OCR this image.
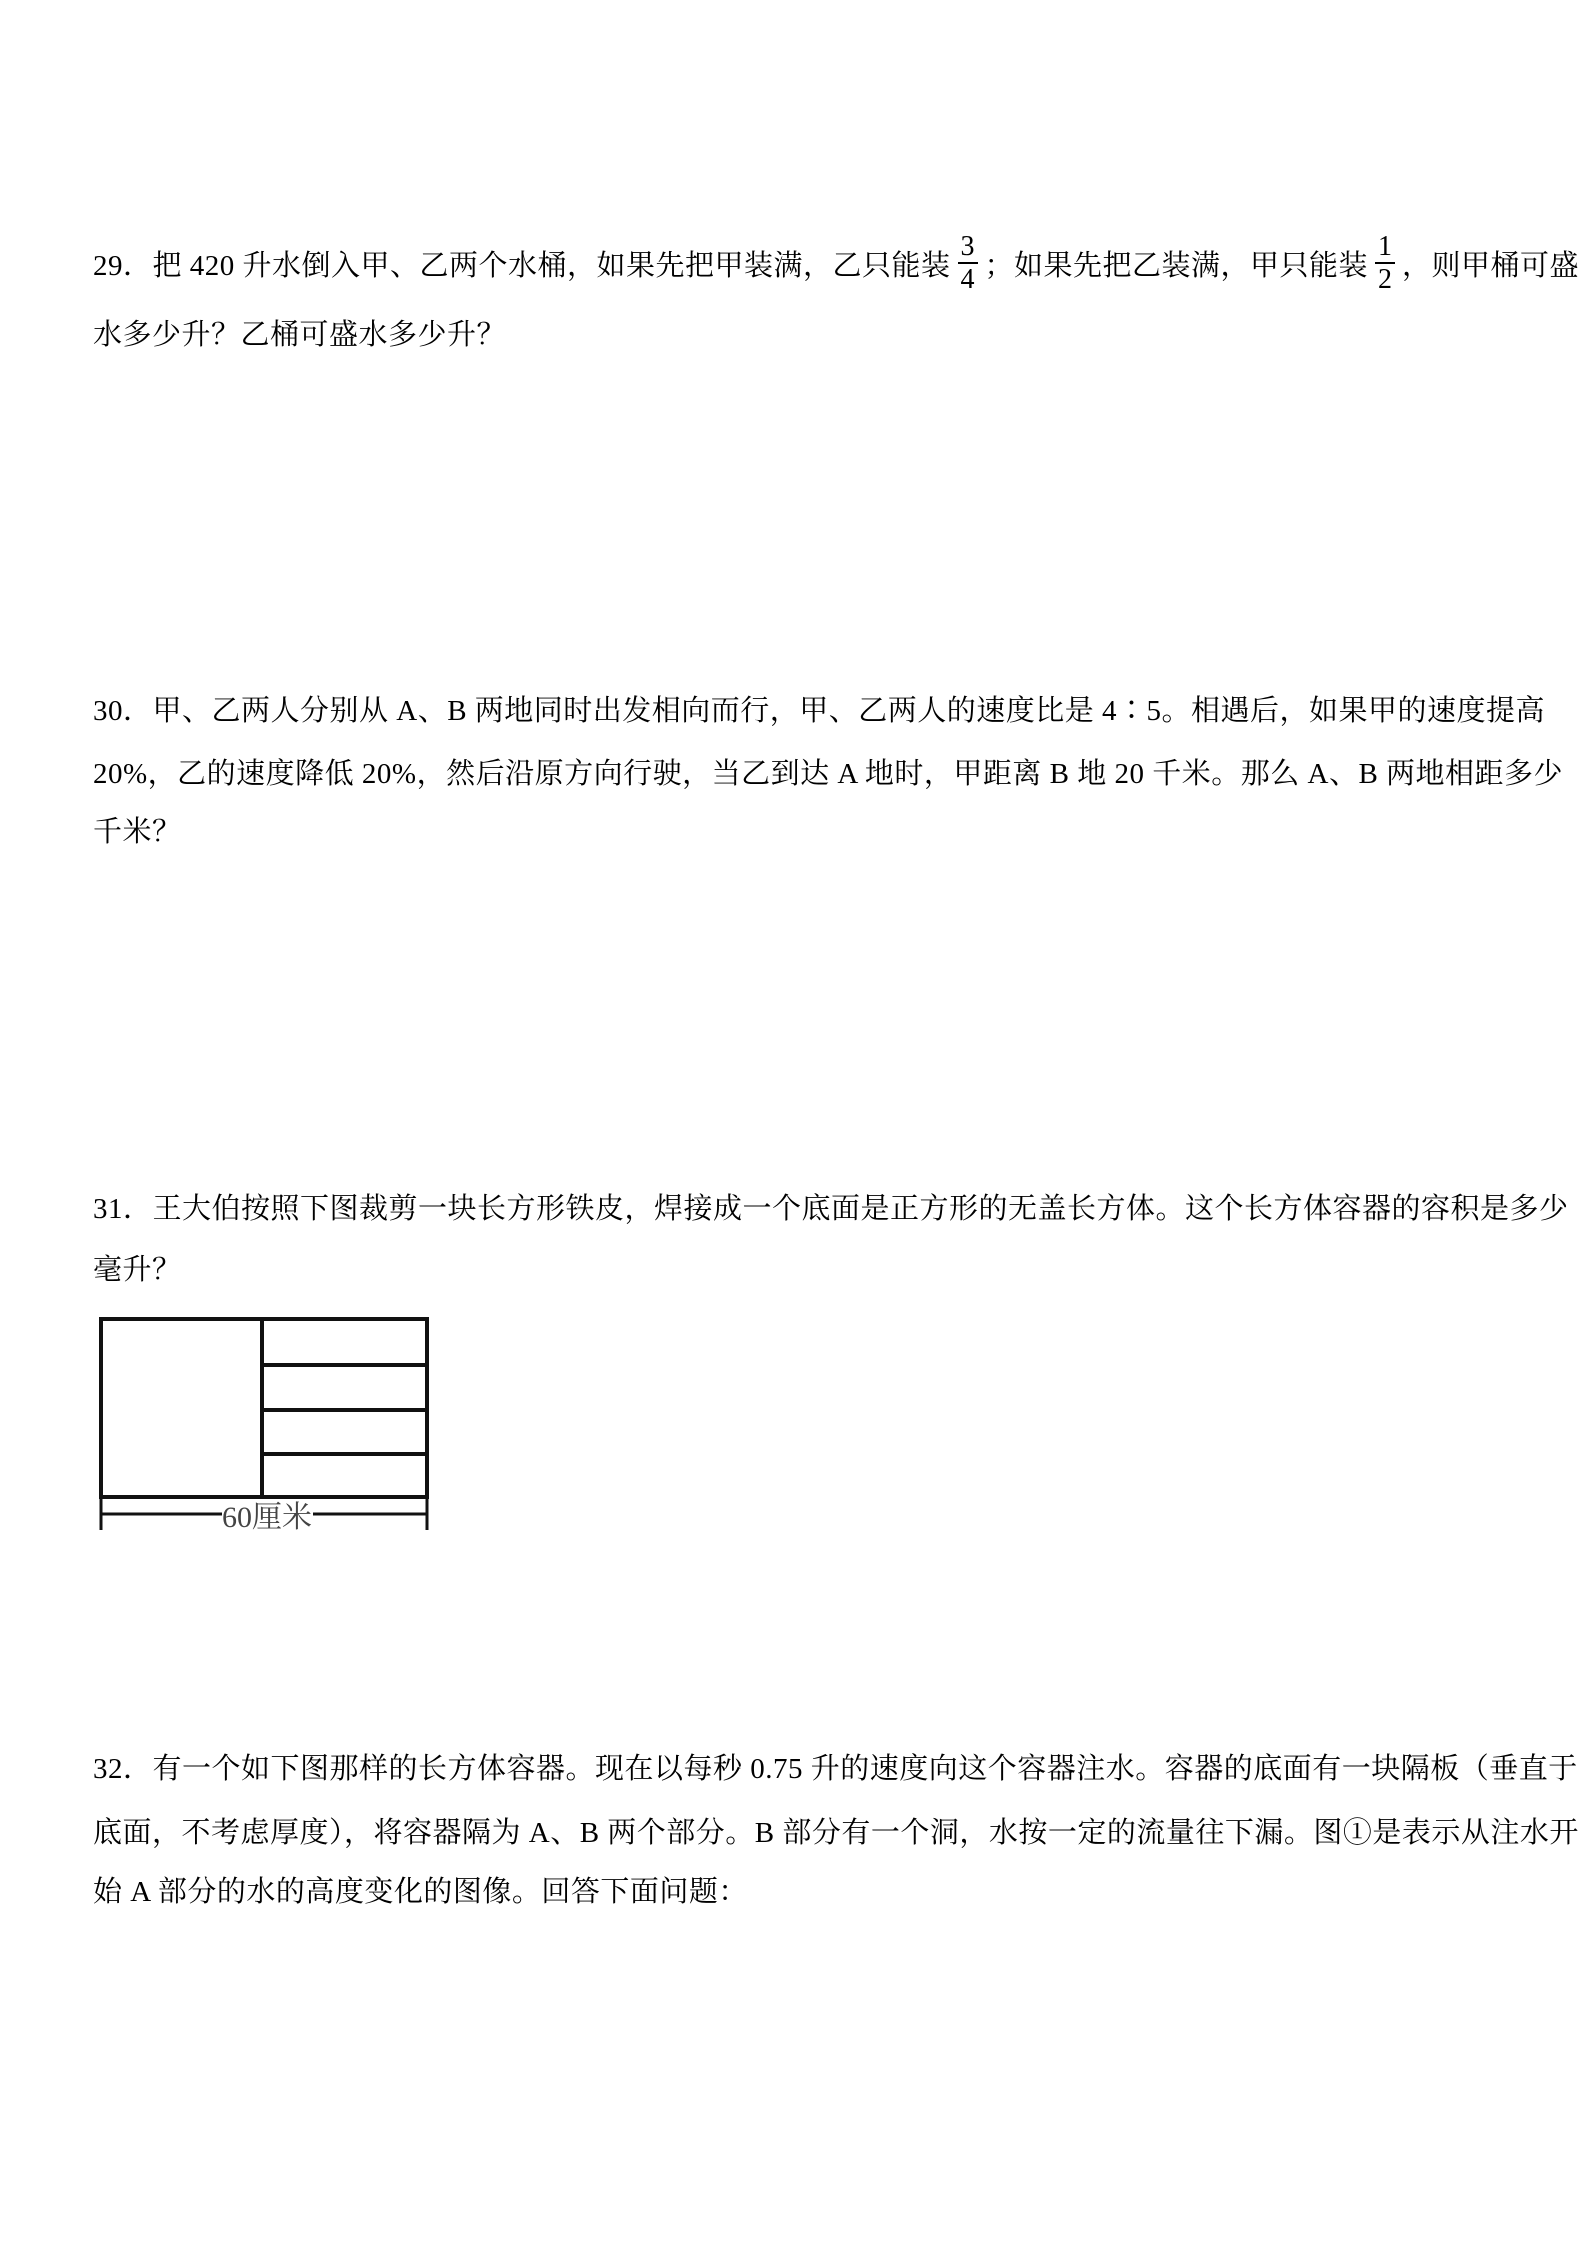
29．把 420 升水倒入甲、乙两个水桶，如果先把甲装满，乙只能装 $\frac{3}{4}$ ；如果先把乙装满，甲只能装 $\frac{1}{2}$ ，则甲桶可盛
水多少升？乙桶可盛水多少升？
30．甲、乙两人分别从 A、B 两地同时出发相向而行，甲、乙两人的速度比是 4∶5。相遇后，如果甲的速度提高
20%，乙的速度降低 20%，然后沿原方向行驶，当乙到达 A 地时，甲距离 B 地 20 千米。那么 A、B 两地相距多少
千米？
31．王大伯按照下图裁剪一块长方形铁皮，焊接成一个底面是正方形的无盖长方体。这个长方体容器的容积是多少
毫升？
60厘米
32．有一个如下图那样的长方体容器。现在以每秒 0.75 升的速度向这个容器注水。容器的底面有一块隔板（垂直于
底面，不考虑厚度），将容器隔为 A、B 两个部分。B 部分有一个洞，水按一定的流量往下漏。图①是表示从注水开
始 A 部分的水的高度变化的图像。回答下面问题：
